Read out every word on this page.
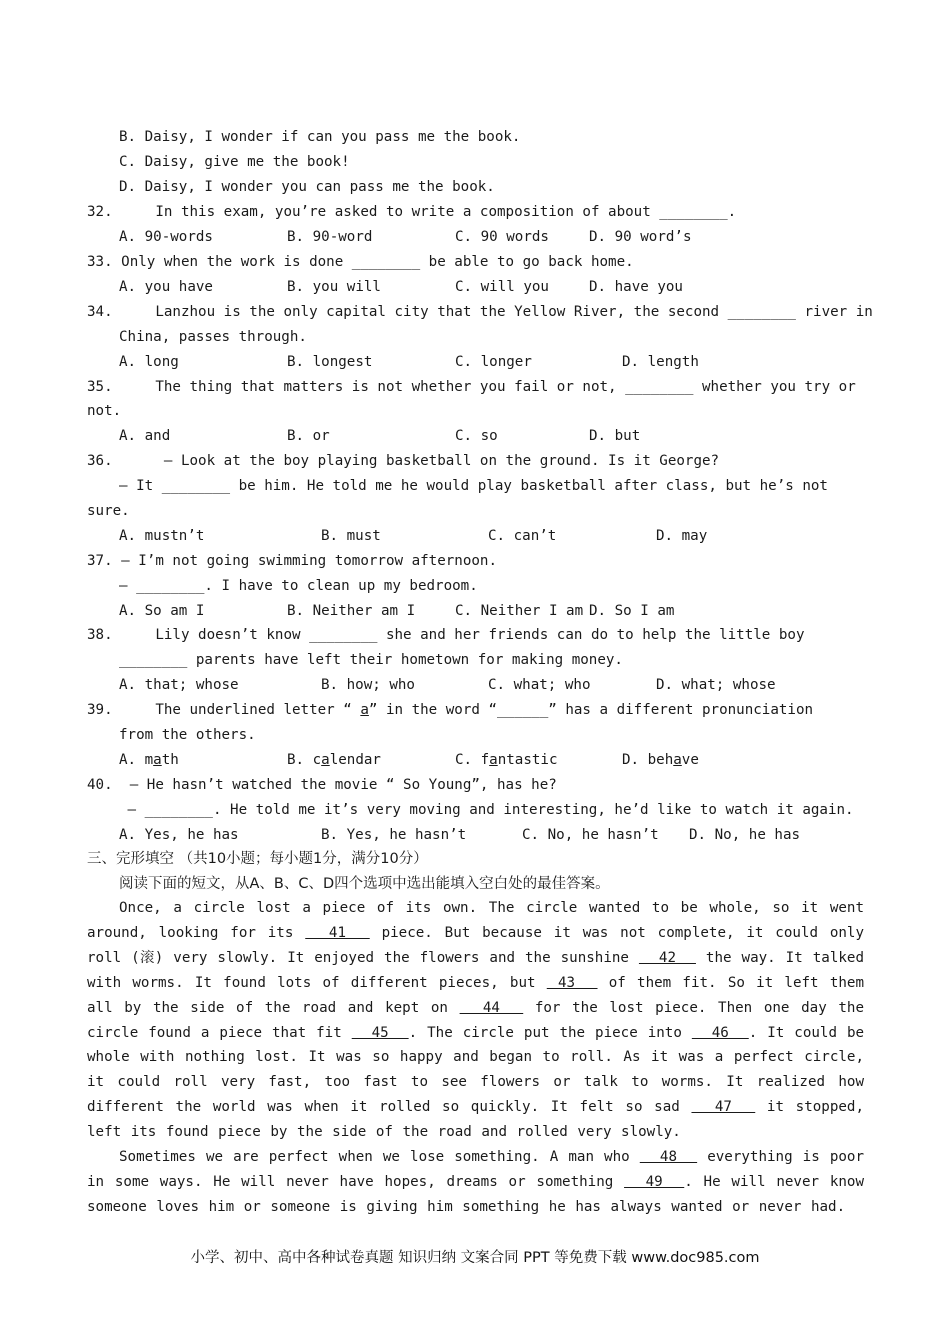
B. Daisy, I wonder if can you pass me the book.
C. Daisy, give me the book!
D. Daisy, I wonder you can pass me the book.
32.     In this exam, you’re asked to write a composition of about ________.
A. 90-words	B. 90-word	C. 90 words	D. 90 word’s
33. Only when the work is done ________ be able to go back home.
A. you have	B. you will	C. will you	D. have you
34.     Lanzhou is the only capital city that the Yellow River, the second ________ river in
China, passes through.
A. long	B. longest	C. longer	D. length
35.     The thing that matters is not whether you fail or not, ________ whether you try or
not.
A. and	B. or	C. so	D. but
36.      — Look at the boy playing basketball on the ground. Is it George?
— It ________ be him. He told me he would play basketball after class, but he’s not
sure.
A. mustn’t	B. must	C. can’t	D. may
37. — I’m not going swimming tomorrow afternoon.
— ________. I have to clean up my bedroom.
A. So am I	B. Neither am I	C. Neither I am D. So I am
38.     Lily doesn’t know ________ she and her friends can do to help the little boy
________ parents have left their hometown for making money.
A. that; whose	B. how; who	C. what; who	D. what; whose
39.     The underlined letter “ a” in the word “______” has a different pronunciation
from the others.
A. math	B. calendar	C. fantastic	D. behave
40.  — He hasn’t watched the movie “ So Young”, has he?
— ________. He told me it’s very moving and interesting, he’d like to watch it again.
A. Yes, he has	B. Yes, he hasn’t	C. No, he hasn’t D. No, he has
三、完形填空 （共10小题；每小题1分，满分10分）
阅读下面的短文，从A、B、C、D四个选项中选出能填入空白处的最佳答案。
Once, a circle lost a piece of its own. The circle wanted to be whole, so it went around, looking for its   41   piece. But because it was not complete, it could only roll (滚) very slowly. It enjoyed the flowers and the sunshine   42   the way. It talked with worms. It found lots of different pieces, but  43   of them fit. So it left them all by the side of the road and kept on   44   for the lost piece. Then one day the circle found a piece that fit   45  . The circle put the piece into   46  . It could be whole with nothing lost. It was so happy and began to roll. As it was a perfect circle, it could roll very fast, too fast to see flowers or talk to worms. It realized how different the world was when it rolled so quickly. It felt so sad   47   it stopped, left its found piece by the side of the road and rolled very slowly.
Sometimes we are perfect when we lose something. A man who   48   everything is poor in some ways. He will never have hopes, dreams or something   49  . He will never know someone loves him or someone is giving him something he has always wanted or never had.
小学、初中、高中各种试卷真题 知识归纳 文案合同 PPT 等免费下载 www.doc985.com
